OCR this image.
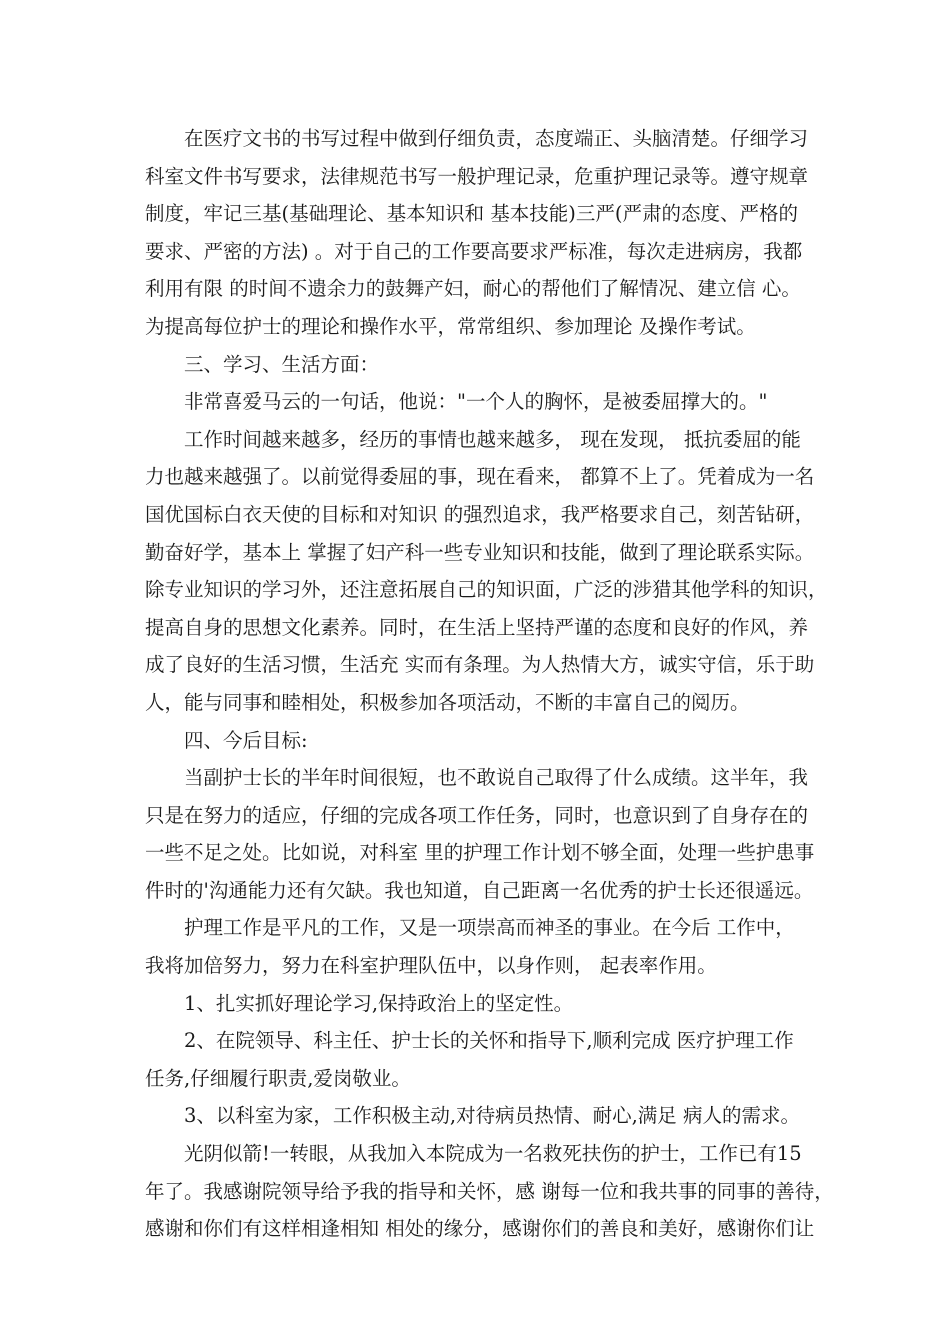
在医疗文书的书写过程中做到仔细负责，态度端正、头脑清楚。仔细学习
科室文件书写要求，法律规范书写一般护理记录，危重护理记录等。遵守规章
制度，牢记三基(基础理论、基本知识和 基本技能)三严(严肃的态度、严格的
要求、严密的方法) 。对于自己的工作要高要求严标准，每次走进病房，我都
利用有限 的时间不遗余力的鼓舞产妇，耐心的帮他们了解情况、建立信 心。
为提高每位护士的理论和操作水平，常常组织、参加理论 及操作考试。

三、学习、生活方面：

非常喜爱马云的一句话，他说："一个人的胸怀，是被委屈撑大的。"

工作时间越来越多，经历的事情也越来越多， 现在发现， 抵抗委屈的能
力也越来越强了。以前觉得委屈的事，现在看来， 都算不上了。凭着成为一名
国优国标白衣天使的目标和对知识 的强烈追求，我严格要求自己，刻苦钻研，
勤奋好学，基本上 掌握了妇产科一些专业知识和技能，做到了理论联系实际。
除专业知识的学习外，还注意拓展自己的知识面，广泛的涉猎其他学科的知识，
提高自身的思想文化素养。同时，在生活上坚持严谨的态度和良好的作风，养
成了良好的生活习惯，生活充 实而有条理。为人热情大方，诚实守信，乐于助
人，能与同事和睦相处，积极参加各项活动，不断的丰富自己的阅历。

四、今后目标:

当副护士长的半年时间很短，也不敢说自己取得了什么成绩。这半年，我
只是在努力的适应，仔细的完成各项工作任务，同时，也意识到了自身存在的
一些不足之处。比如说，对科室 里的护理工作计划不够全面，处理一些护患事
件时的'沟通能力还有欠缺。我也知道，自己距离一名优秀的护士长还很遥远。

护理工作是平凡的工作，又是一项崇高而神圣的事业。在今后 工作中，
我将加倍努力，努力在科室护理队伍中，以身作则， 起表率作用。

1、扎实抓好理论学习,保持政治上的坚定性。

2、在院领导、科主任、护士长的关怀和指导下,顺利完成 医疗护理工作
任务,仔细履行职责,爱岗敬业。

3、以科室为家，工作积极主动,对待病员热情、耐心,满足 病人的需求。

光阴似箭!一转眼，从我加入本院成为一名救死扶伤的护士，工作已有15
年了。我感谢院领导给予我的指导和关怀，感 谢每一位和我共事的同事的善待，
感谢和你们有这样相逢相知 相处的缘分，感谢你们的善良和美好，感谢你们让
